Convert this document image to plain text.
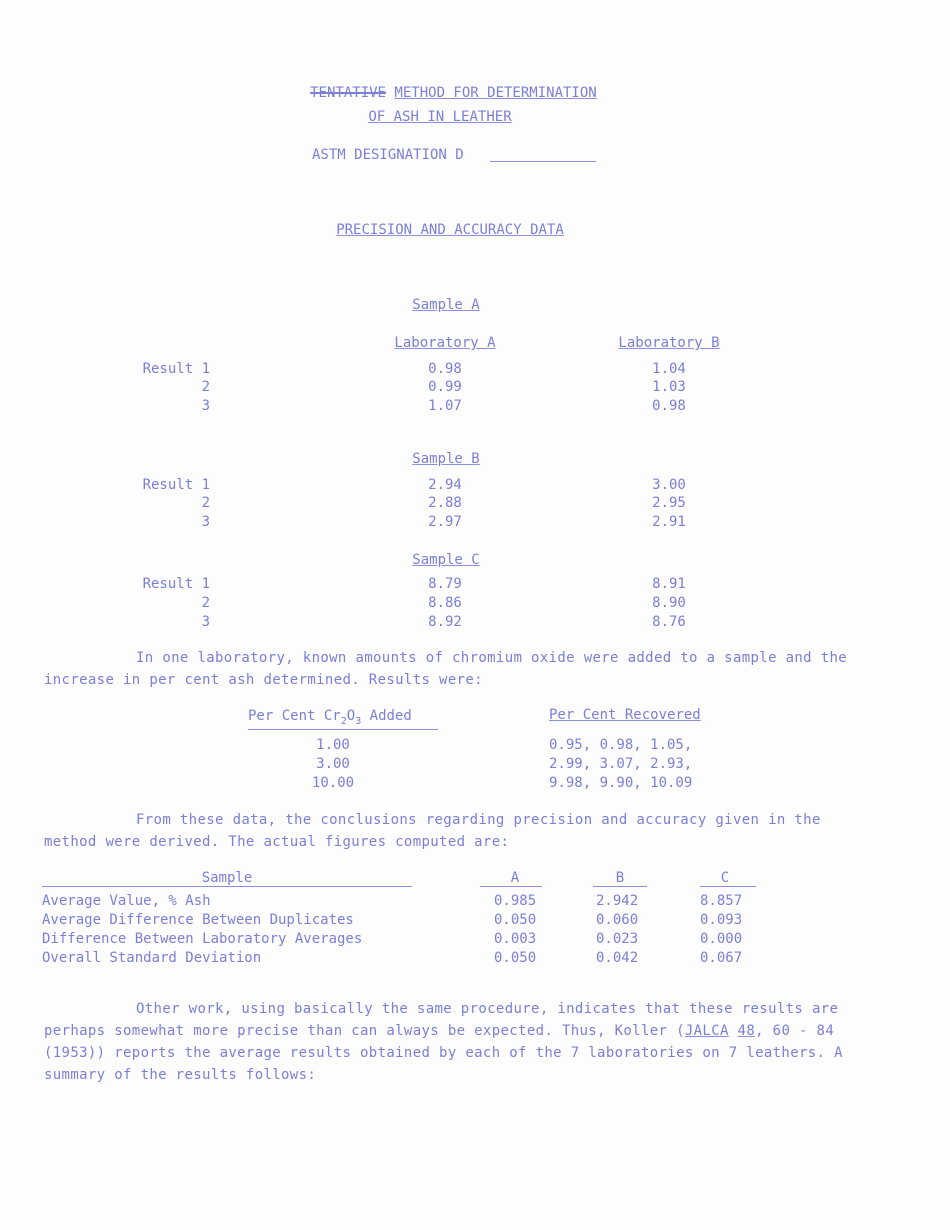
TENTATIVE METHOD FOR DETERMINATION

OF ASH IN LEATHER
ASTM DESIGNATION D
PRECISION AND ACCURACY DATA
Sample A
Laboratory A	Laboratory B
Result 1	0.98	1.04
2	0.99	1.03
3	1.07	0.98
Sample B
Result 1	2.94	3.00
2	2.88	2.95
3	2.97	2.91
Sample C
Result 1	8.79	8.91
2	8.86	8.90
3	8.92	8.76
In one laboratory, known amounts of chromium oxide were added to a sample and the increase in per cent ash determined. Results were:
Per Cent $Cr_2O_3$ Added	Per Cent Recovered
1.00	0.95, 0.98, 1.05,
3.00	2.99, 3.07, 2.93,
10.00	9.98, 9.90, 10.09
From these data, the conclusions regarding precision and accuracy given in the method were derived. The actual figures computed are:
Sample	A	B	C
Average Value, % Ash	0.985	2.942	8.857
Average Difference Between Duplicates	0.050	0.060	0.093
Difference Between Laboratory Averages	0.003	0.023	0.000
Overall Standard Deviation	0.050	0.042	0.067
Other work, using basically the same procedure, indicates that these results are perhaps somewhat more precise than can always be expected. Thus, Koller (JALCA 48, 60 - 84 (1953)) reports the average results obtained by each of the 7 laboratories on 7 leathers. A summary of the results follows:
